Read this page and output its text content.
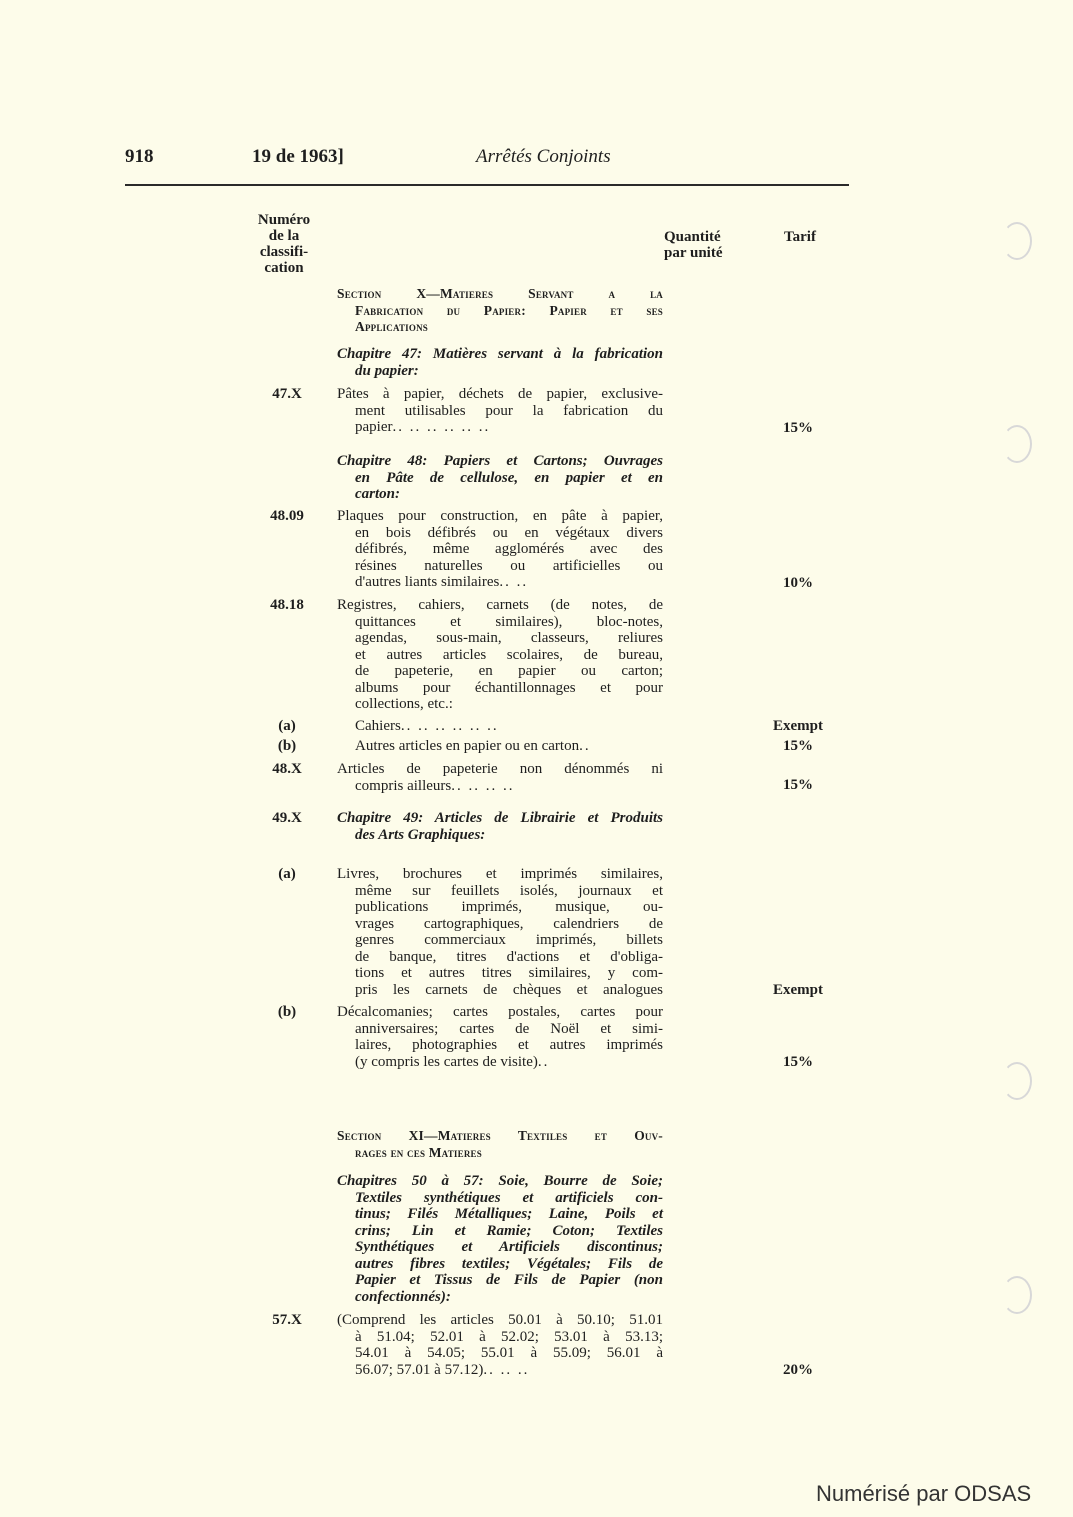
918	19 de 1963]	Arrêtés Conjoints
Numéro
de la
classifi-
cation
Quantité
par unité
Tarif
Section X—Matieres Servant a la
Fabrication du Papier: Papier et ses
Applications
Chapitre 47: Matières servant à la fabrication
du papier:
47.X	Pâtes à papier, déchets de papier, exclusive-
ment utilisables pour la fabrication du
papier.. .. .. .. .. ..	15%
Chapitre 48: Papiers et Cartons; Ouvrages
en Pâte de cellulose, en papier et en
carton:
48.09	Plaques pour construction, en pâte à papier,
en bois défibrés ou en végétaux divers
défibrés, même agglomérés avec des
résines naturelles ou artificielles ou
d'autres liants similaires.. ..	10%
48.18	Registres, cahiers, carnets (de notes, de
quittances et similaires), bloc-notes,
agendas, sous-main, classeurs, reliures
et autres articles scolaires, de bureau,
de papeterie, en papier ou carton;
albums pour échantillonnages et pour
collections, etc.:
(a)	Cahiers.. .. .. .. .. ..	Exempt
(b)	Autres articles en papier ou en carton..	15%
48.X	Articles de papeterie non dénommés ni
compris ailleurs.. .. .. ..	15%
49.X	Chapitre 49: Articles de Librairie et Produits
des Arts Graphiques:
(a)	Livres, brochures et imprimés similaires,
même sur feuillets isolés, journaux et
publications imprimés, musique, ou-
vrages cartographiques, calendriers de
genres commerciaux imprimés, billets
de banque, titres d'actions et d'obliga-
tions et autres titres similaires, y com-
pris les carnets de chèques et analogues	Exempt
(b)	Décalcomanies; cartes postales, cartes pour
anniversaires; cartes de Noël et simi-
laires, photographies et autres imprimés
(y compris les cartes de visite)..	15%
Section XI—Matieres Textiles et Ouv-
rages en ces Matieres
Chapitres 50 à 57: Soie, Bourre de Soie;
Textiles synthétiques et artificiels con-
tinus; Filés Métalliques; Laine, Poils et
crins; Lin et Ramie; Coton; Textiles
Synthétiques et Artificiels discontinus;
autres fibres textiles; Végétales; Fils de
Papier et Tissus de Fils de Papier (non
confectionnés):
57.X	(Comprend les articles 50.01 à 50.10; 51.01
à 51.04; 52.01 à 52.02; 53.01 à 53.13;
54.01 à 54.05; 55.01 à 55.09; 56.01 à
56.07; 57.01 à 57.12).. .. ..	20%
Numérisé par ODSAS
